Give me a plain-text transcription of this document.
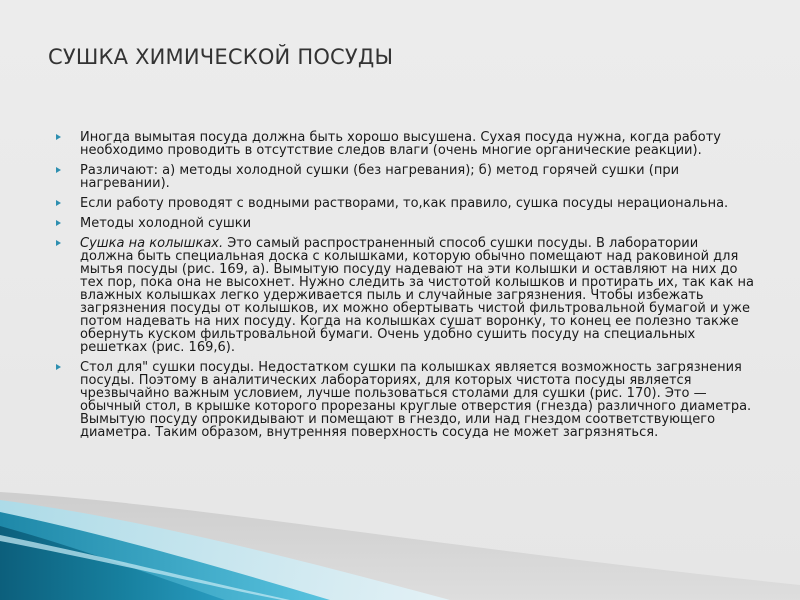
СУШКА ХИМИЧЕСКОЙ ПОСУДЫ
Иногда вымытая посуда должна быть хорошо высушена. Сухая посуда нужна, когда работу необходимо проводить в отсутствие следов влаги (очень многие органические реакции).
Различают: а) методы холодной сушки (без нагревания); б) метод горячей сушки (при нагревании).
Если работу проводят с водными растворами, то,как правило, сушка посуды нерациональна.
Методы холодной сушки
Сушка на колышках. Это самый распространенный способ сушки посуды. В лаборатории должна быть специальная доска с колышками, которую обычно помещают над раковиной для мытья посуды (рис. 169, а). Вымытую посуду надевают на эти колышки и оставляют на них до тех пор, пока она не высохнет. Нужно следить за чистотой колышков и протирать их, так как на влажных колышках легко удерживается пыль и случайные загрязнения. Чтобы избежать загрязнения посуды от колышков, их можно обертывать чистой фильтровальной бумагой и уже потом надевать на них посуду. Когда на колышках сушат воронку, то конец ее полезно также обернуть куском фильтровальной бумаги. Очень удобно сушить посуду на специальных решетках (рис. 169,6).
Стол для" сушки посуды. Недостатком сушки па колышках является возможность загрязнения посуды. Поэтому в аналитических лабораториях, для которых чистота посуды является чрезвычайно важным условием, лучше пользоваться столами для сушки (рис. 170). Это — обычный стол, в крышке которого прорезаны круглые отверстия (гнезда) различного диаметра. Вымытую посуду опрокидывают и помещают в гнездо, или над гнездом соответствующего диаметра. Таким образом, внутренняя поверхность сосуда не может загрязняться.
